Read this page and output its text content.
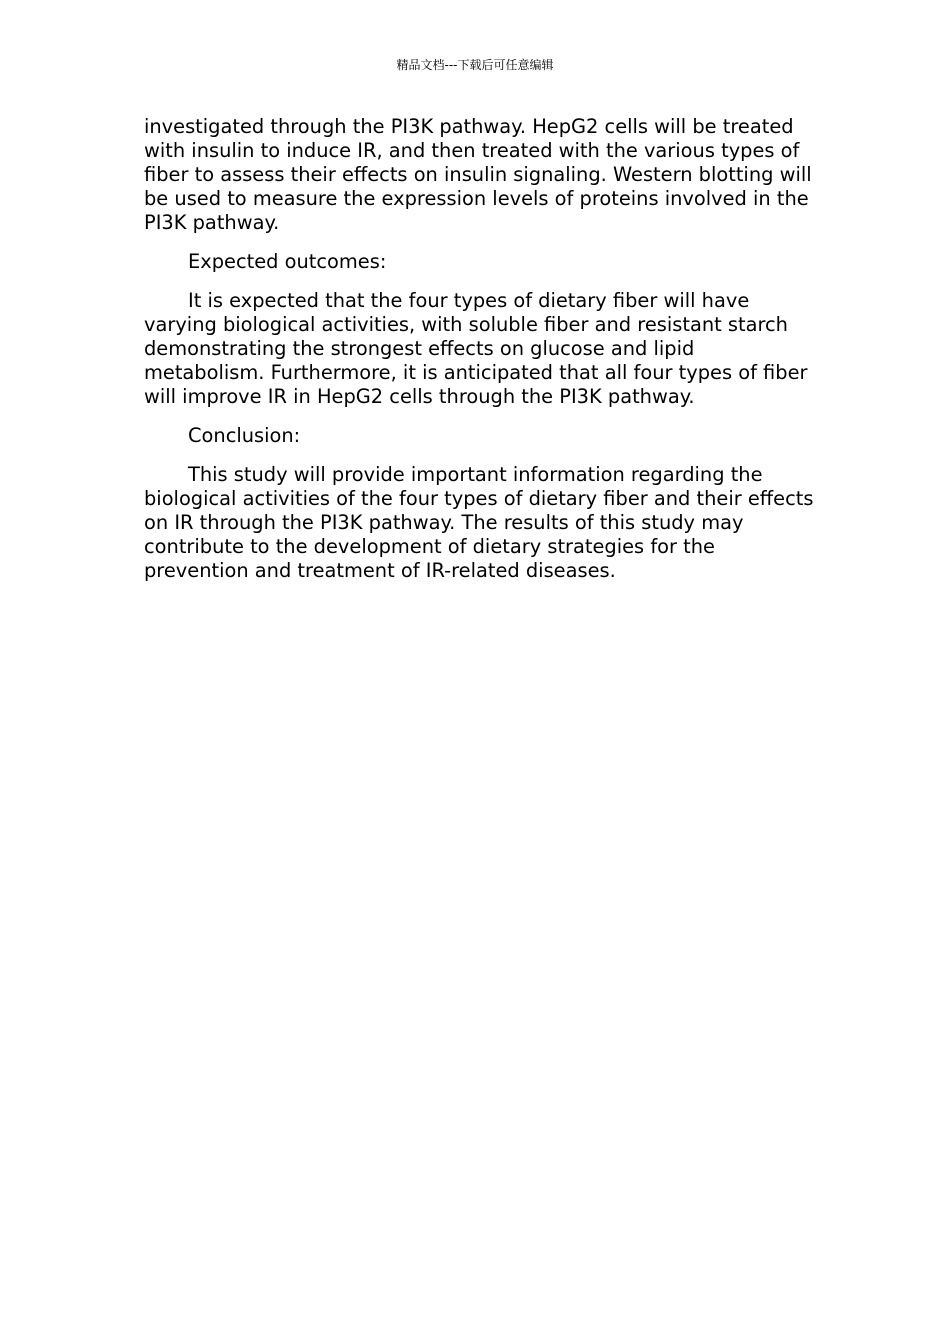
精品文档---下载后可任意编辑

investigated through the PI3K pathway. HepG2 cells will be treated with insulin to induce IR, and then treated with the various types of fiber to assess their effects on insulin signaling. Western blotting will be used to measure the expression levels of proteins involved in the PI3K pathway.

Expected outcomes:

It is expected that the four types of dietary fiber will have varying biological activities, with soluble fiber and resistant starch demonstrating the strongest effects on glucose and lipid metabolism. Furthermore, it is anticipated that all four types of fiber will improve IR in HepG2 cells through the PI3K pathway.

Conclusion:

This study will provide important information regarding the biological activities of the four types of dietary fiber and their effects on IR through the PI3K pathway. The results of this study may contribute to the development of dietary strategies for the prevention and treatment of IR-related diseases.
